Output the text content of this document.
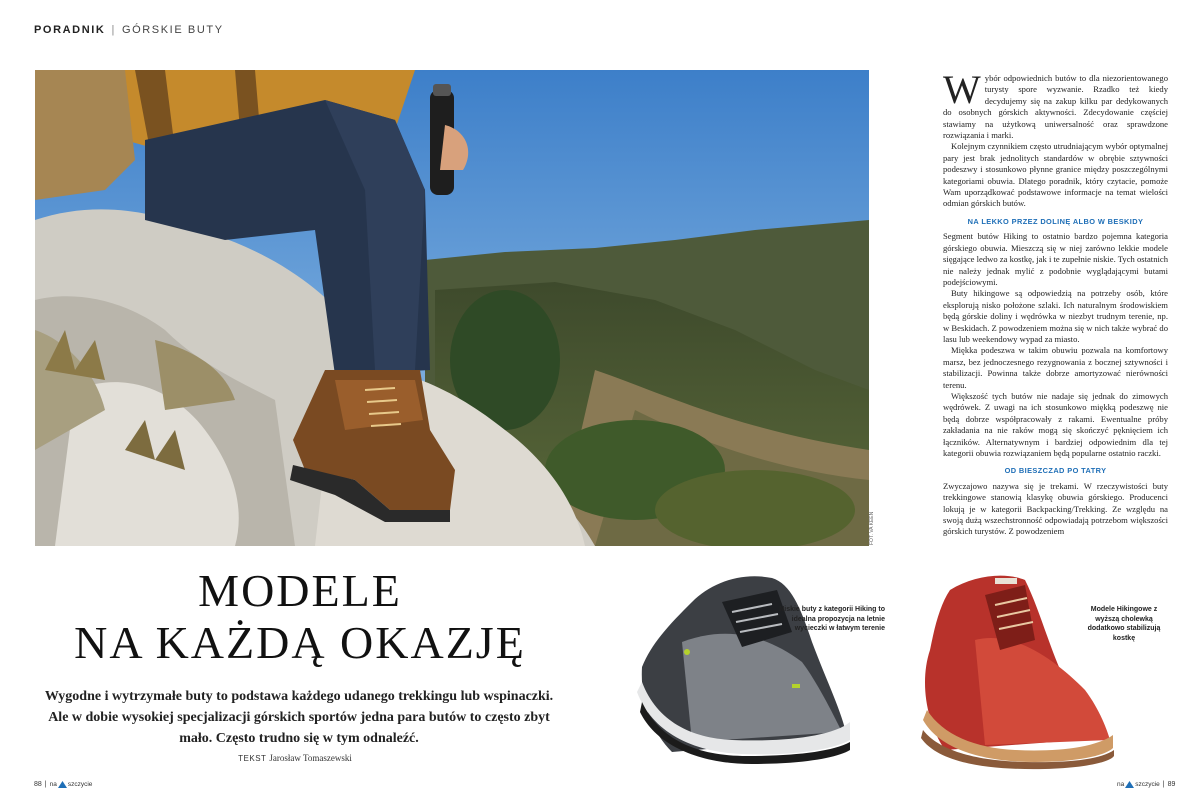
PORADNIK | GÓRSKIE BUTY
FOT. VA KEEN
MODELE
NA KAŻDĄ OKAZJĘ

Wygodne i wytrzymałe buty to podstawa każdego udanego trekkingu lub wspinaczki. Ale w dobie wysokiej specjalizacji górskich sportów jedna para butów to często zbyt mało. Często trudno się w tym odnaleźć.

TEKST Jarosław Tomaszewski
Niskie buty z kategorii Hiking to idealna propozycja na letnie wycieczki w łatwym terenie
Modele Hikingowe z wyższą cholewką dodatkowo stabilizują kostkę

Wybór odpowiednich butów to dla niezorientowanego turysty spore wyzwanie. Rzadko też kiedy decydujemy się na zakup kilku par dedykowanych do osobnych górskich aktywności. Zdecydowanie częściej stawiamy na użytkową uniwersalność oraz sprawdzone rozwiązania i marki.

Kolejnym czynnikiem często utrudniającym wybór optymalnej pary jest brak jednolitych standardów w obrębie sztywności podeszwy i stosunkowo płynne granice między poszczególnymi kategoriami obuwia. Dlatego poradnik, który czytacie, pomoże Wam uporządkować podstawowe informacje na temat wielości odmian górskich butów.

NA LEKKO PRZEZ DOLINĘ ALBO W BESKIDY

Segment butów Hiking to ostatnio bardzo pojemna kategoria górskiego obuwia. Mieszczą się w niej zarówno lekkie modele sięgające ledwo za kostkę, jak i te zupełnie niskie. Tych ostatnich nie należy jednak mylić z podobnie wyglądającymi butami podejściowymi.

Buty hikingowe są odpowiedzią na potrzeby osób, które eksplorują nisko położone szlaki. Ich naturalnym środowiskiem będą górskie doliny i wędrówka w niezbyt trudnym terenie, np. w Beskidach. Z powodzeniem można się w nich także wybrać do lasu lub weekendowy wypad za miasto.

Miękka podeszwa w takim obuwiu pozwala na komfortowy marsz, bez jednoczesnego rezygnowania z bocznej sztywności i stabilizacji. Powinna także dobrze amortyzować nierówności terenu.

Większość tych butów nie nadaje się jednak do zimowych wędrówek. Z uwagi na ich stosunkowo miękką podeszwę nie będą dobrze współpracowały z rakami. Ewentualne próby zakładania na nie raków mogą się skończyć pęknięciem ich łączników. Alternatywnym i bardziej odpowiednim dla tej kategorii obuwia rozwiązaniem będą popularne ostatnio raczki.

OD BIESZCZAD PO TATRY

Zwyczajowo nazywa się je trekami. W rzeczywistości buty trekkingowe stanowią klasykę obuwia górskiego. Producenci lokują je w kategorii Backpacking/Trekking. Ze względu na swoją dużą wszechstronność odpowiadają potrzebom większości górskich turystów. Z powodzeniem

88 | na szczycie	na szczycie | 89
